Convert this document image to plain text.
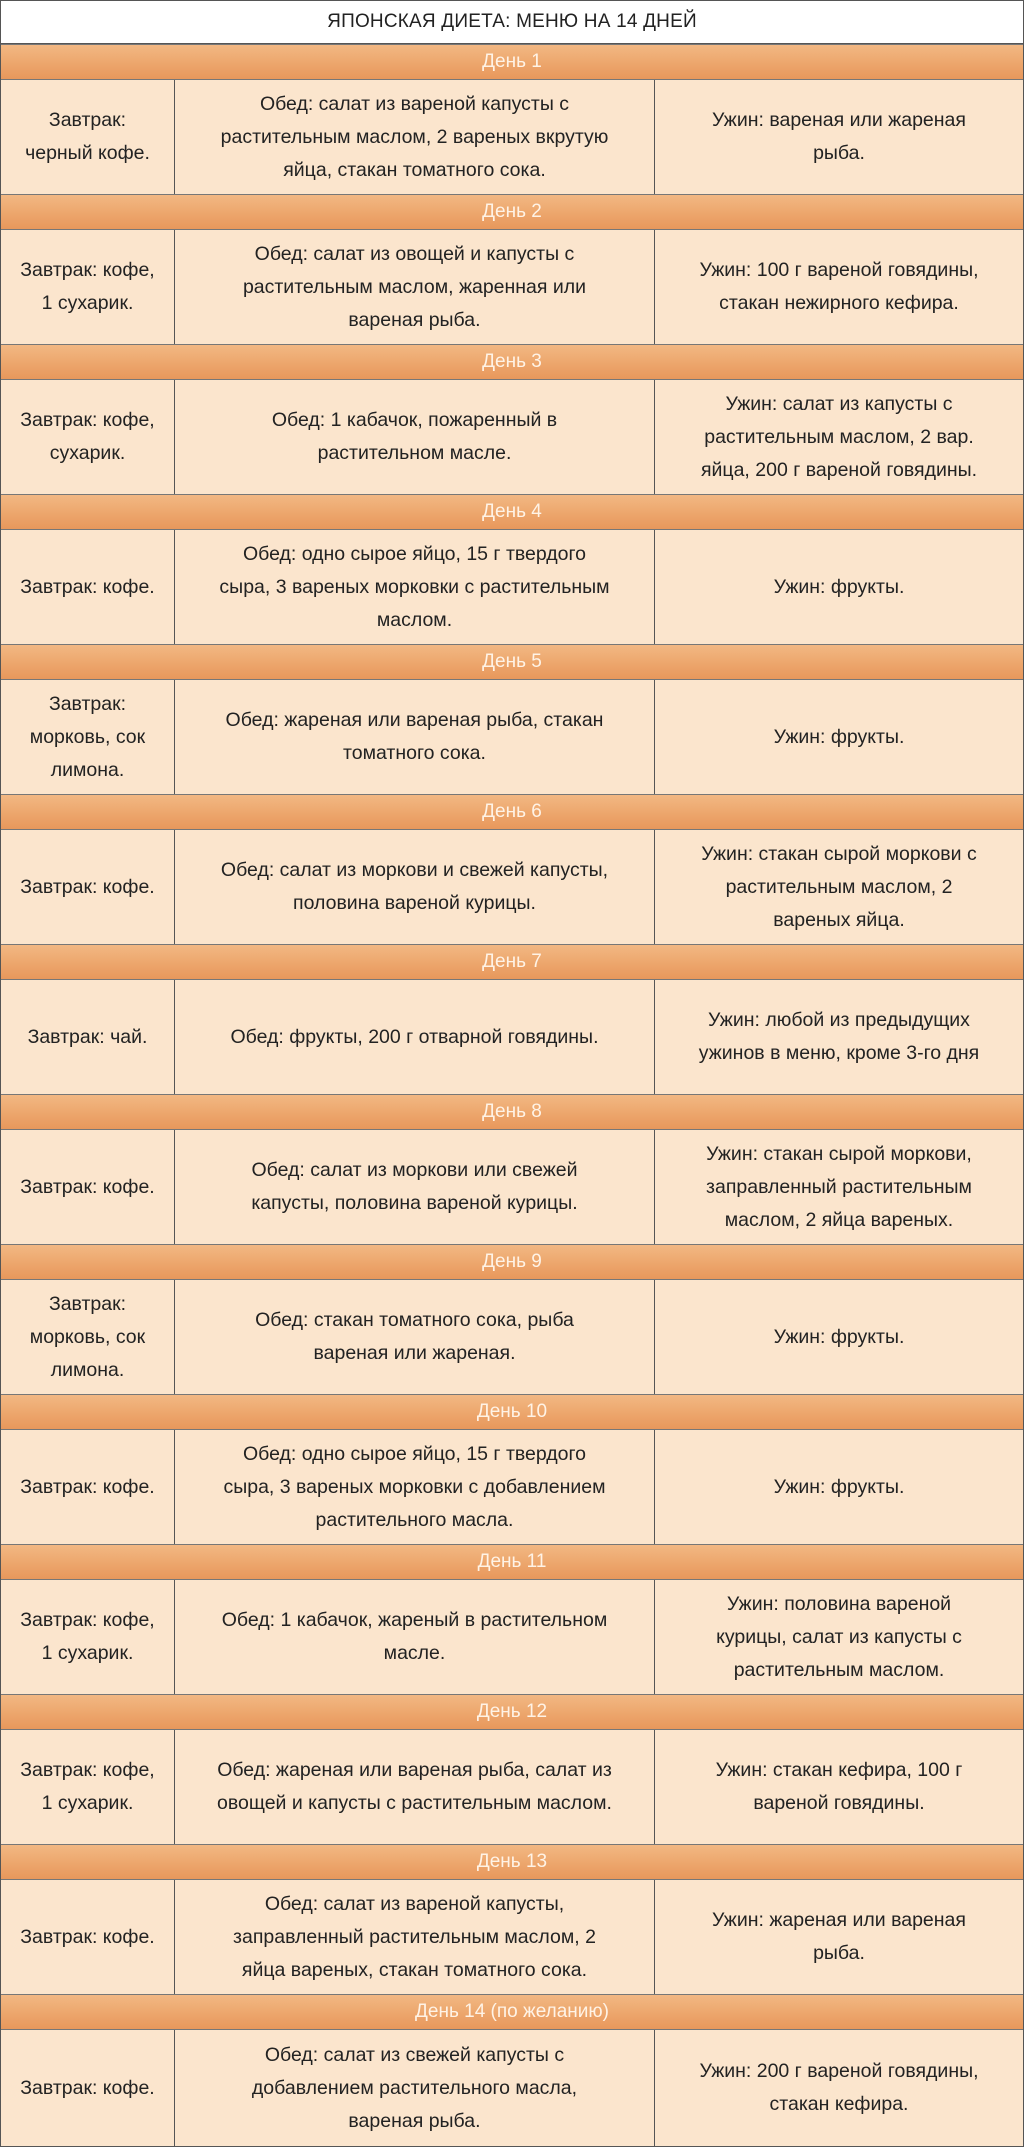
ЯПОНСКАЯ ДИЕТА: МЕНЮ НА 14 ДНЕЙ
День 1
Завтрак:
черный кофе.
Обед: салат из вареной капусты с
растительным маслом, 2 вареных вкрутую
яйца, стакан томатного сока.
Ужин: вареная или жареная
рыба.
День 2
Завтрак: кофе,
1 сухарик.
Обед: салат из овощей и капусты с
растительным маслом, жаренная или
вареная рыба.
Ужин: 100 г вареной говядины,
стакан нежирного кефира.
День 3
Завтрак: кофе,
сухарик.
Обед: 1 кабачок, пожаренный в
растительном масле.
Ужин: салат из капусты с
растительным маслом, 2 вар.
яйца, 200 г вареной говядины.
День 4
Завтрак: кофе.
Обед: одно сырое яйцо, 15 г твердого
сыра, 3 вареных морковки с растительным
маслом.
Ужин: фрукты.
День 5
Завтрак:
морковь, сок
лимона.
Обед: жареная или вареная рыба, стакан
томатного сока.
Ужин: фрукты.
День 6
Завтрак: кофе.
Обед: салат из моркови и свежей капусты,
половина вареной курицы.
Ужин: стакан сырой моркови с
растительным маслом, 2
вареных яйца.
День 7
Завтрак: чай.	Обед: фрукты, 200 г отварной говядины.
Ужин: любой из предыдущих
ужинов в меню, кроме 3-го дня
День 8
Завтрак: кофе.
Обед: салат из моркови или свежей
капусты, половина вареной курицы.
Ужин: стакан сырой моркови,
заправленный растительным
маслом, 2 яйца вареных.
День 9
Завтрак:
морковь, сок
лимона.
Обед: стакан томатного сока, рыба
вареная или жареная.
Ужин: фрукты.
День 10
Завтрак: кофе.
Обед: одно сырое яйцо, 15 г твердого
сыра, 3 вареных морковки с добавлением
растительного масла.
Ужин: фрукты.
День 11
Завтрак: кофе,
1 сухарик.
Обед: 1 кабачок, жареный в растительном
масле.
Ужин: половина вареной
курицы, салат из капусты с
растительным маслом.
День 12
Завтрак: кофе,
1 сухарик.
Обед: жареная или вареная рыба, салат из
овощей и капусты с растительным маслом.
Ужин: стакан кефира, 100 г
вареной говядины.
День 13
Завтрак: кофе.
Обед: салат из вареной капусты,
заправленный растительным маслом, 2
яйца вареных, стакан томатного сока.
Ужин: жареная или вареная
рыба.
День 14 (по желанию)
Завтрак: кофе.
Обед: салат из свежей капусты с
добавлением растительного масла,
вареная рыба.
Ужин: 200 г вареной говядины,
стакан кефира.
